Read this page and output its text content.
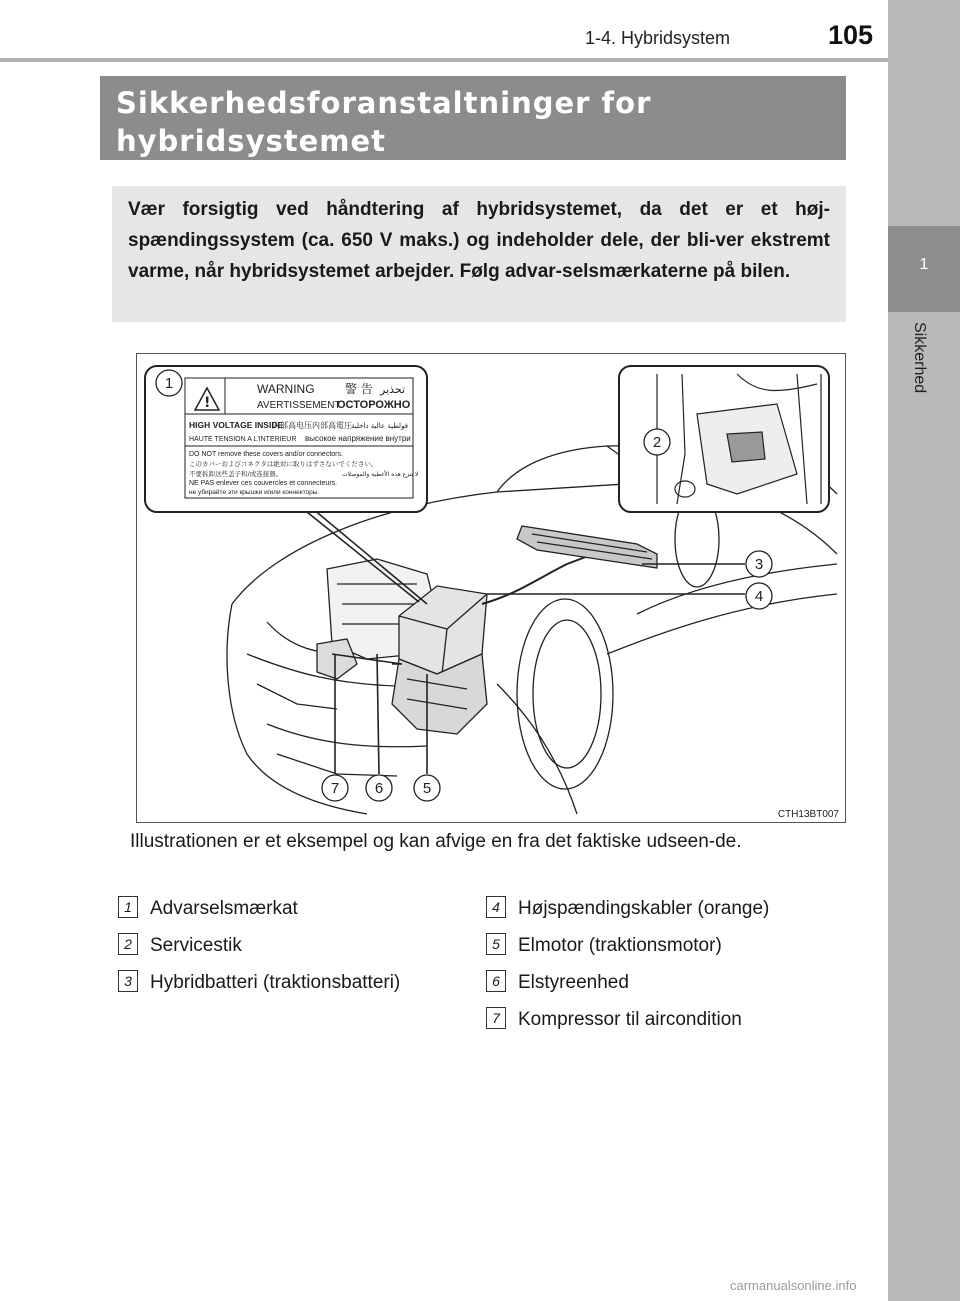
1
Sikkerhed
1-4. Hybridsystem	105
Sikkerhedsforanstaltninger for hybridsystemet

Vær forsigtig ved håndtering af hybridsystemet, da det er et høj-spændingssystem (ca. 650 V maks.) og indeholder dele, der bli-ver ekstremt varme, når hybridsystemet arbejder. Følg advar-selsmærkaterne på bilen.

!
WARNING
AVERTISSEMENT
警 告 تحذير
ОСТОРОЖНО
HIGH VOLTAGE INSIDE
内部高电压 内部高電圧 فولطية عالية داخلية
HAUTE TENSION A L'INTERIEUR высокое напряжение внутри
DO NOT remove these covers and/or connectors.
このカバーおよびコネクタは絶対に取りはずさないでください。
不要拆卸这些盖子和/或连接器。	لا تنزع هذه الأغطية والموصلات
NE PAS enlever ces couvercles et connecteurs.
не убирайте эти крышки и/или коннекторы.
1
2
3
4
5
6
7
CTH13BT007
Illustrationen er et eksempel og kan afvige en fra det faktiske udseen-de.
1 Advarselsmærkat
2 Servicestik
3 Hybridbatteri (traktionsbatteri)
4 Højspændingskabler (orange)
5 Elmotor (traktionsmotor)
6 Elstyreenhed
7 Kompressor til aircondition
carmanualsonline.info
